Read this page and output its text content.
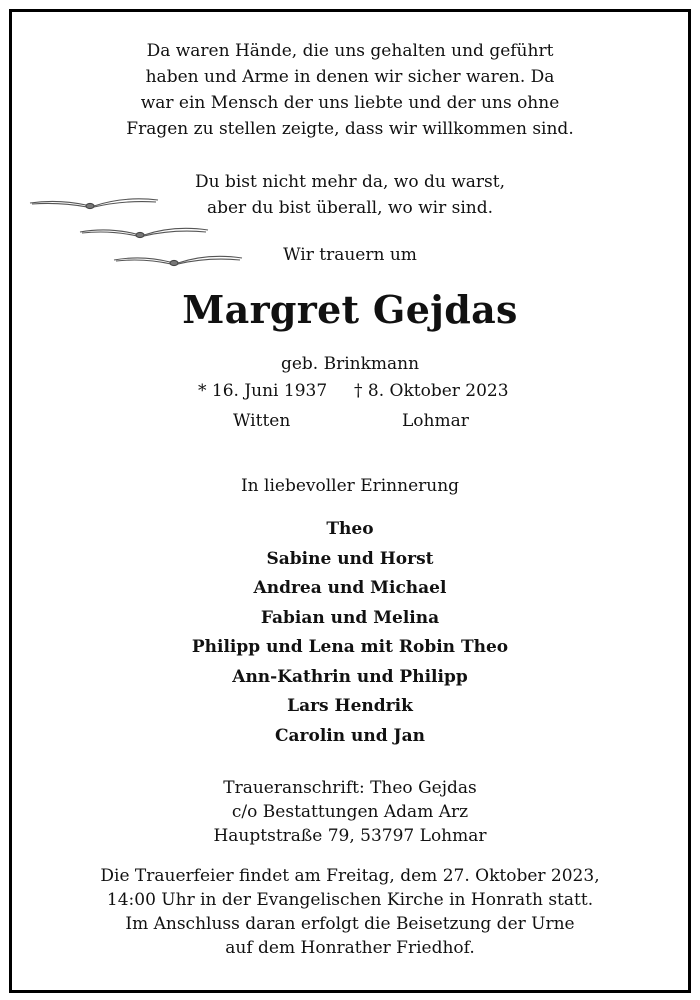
Da waren Hände, die uns gehalten und geführt
haben und Arme in denen wir sicher waren. Da
war ein Mensch der uns liebte und der uns ohne
Fragen zu stellen zeigte, dass wir willkommen sind.
Du bist nicht mehr da, wo du warst,
aber du bist überall, wo wir sind.
Wir trauern um
Margret Gejdas
geb. Brinkmann
* 16. Juni 1937 † 8. Oktober 2023
Witten	Lohmar
In liebevoller Erinnerung
Theo
Sabine und Horst
Andrea und Michael
Fabian und Melina
Philipp und Lena mit Robin Theo
Ann-Kathrin und Philipp
Lars Hendrik
Carolin und Jan
Traueranschrift: Theo Gejdas
c/o Bestattungen Adam Arz
Hauptstraße 79, 53797 Lohmar
Die Trauerfeier findet am Freitag, dem 27. Oktober 2023,
14:00 Uhr in der Evangelischen Kirche in Honrath statt.
Im Anschluss daran erfolgt die Beisetzung der Urne
auf dem Honrather Friedhof.
